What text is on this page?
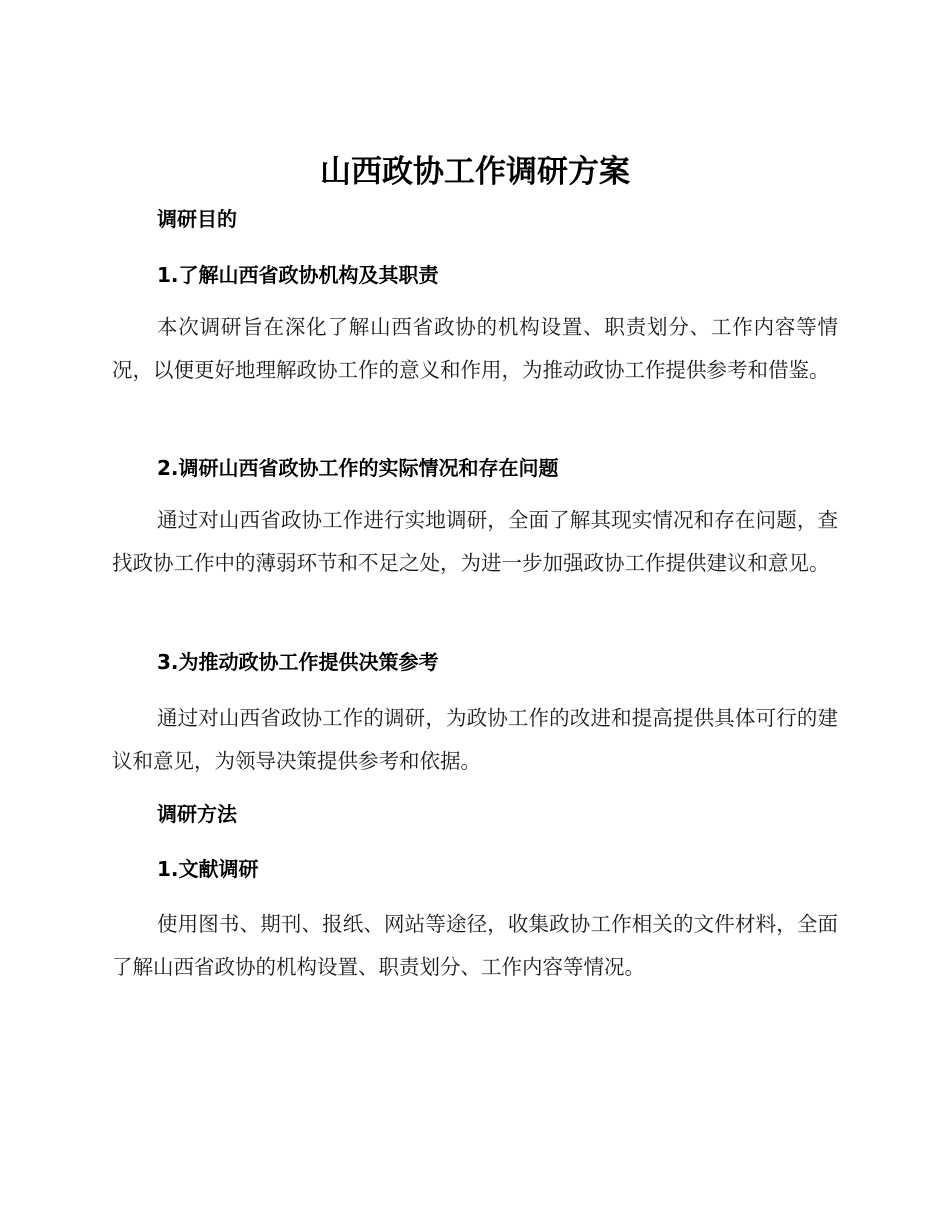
山西政协工作调研方案
调研目的
1.了解山西省政协机构及其职责

本次调研旨在深化了解山西省政协的机构设置、职责划分、工作内容等情况，以便更好地理解政协工作的意义和作用，为推动政协工作提供参考和借鉴。

2.调研山西省政协工作的实际情况和存在问题

通过对山西省政协工作进行实地调研，全面了解其现实情况和存在问题，查找政协工作中的薄弱环节和不足之处，为进一步加强政协工作提供建议和意见。

3.为推动政协工作提供决策参考

通过对山西省政协工作的调研，为政协工作的改进和提高提供具体可行的建议和意见，为领导决策提供参考和依据。

调研方法
1.文献调研

使用图书、期刊、报纸、网站等途径，收集政协工作相关的文件材料，全面了解山西省政协的机构设置、职责划分、工作内容等情况。
